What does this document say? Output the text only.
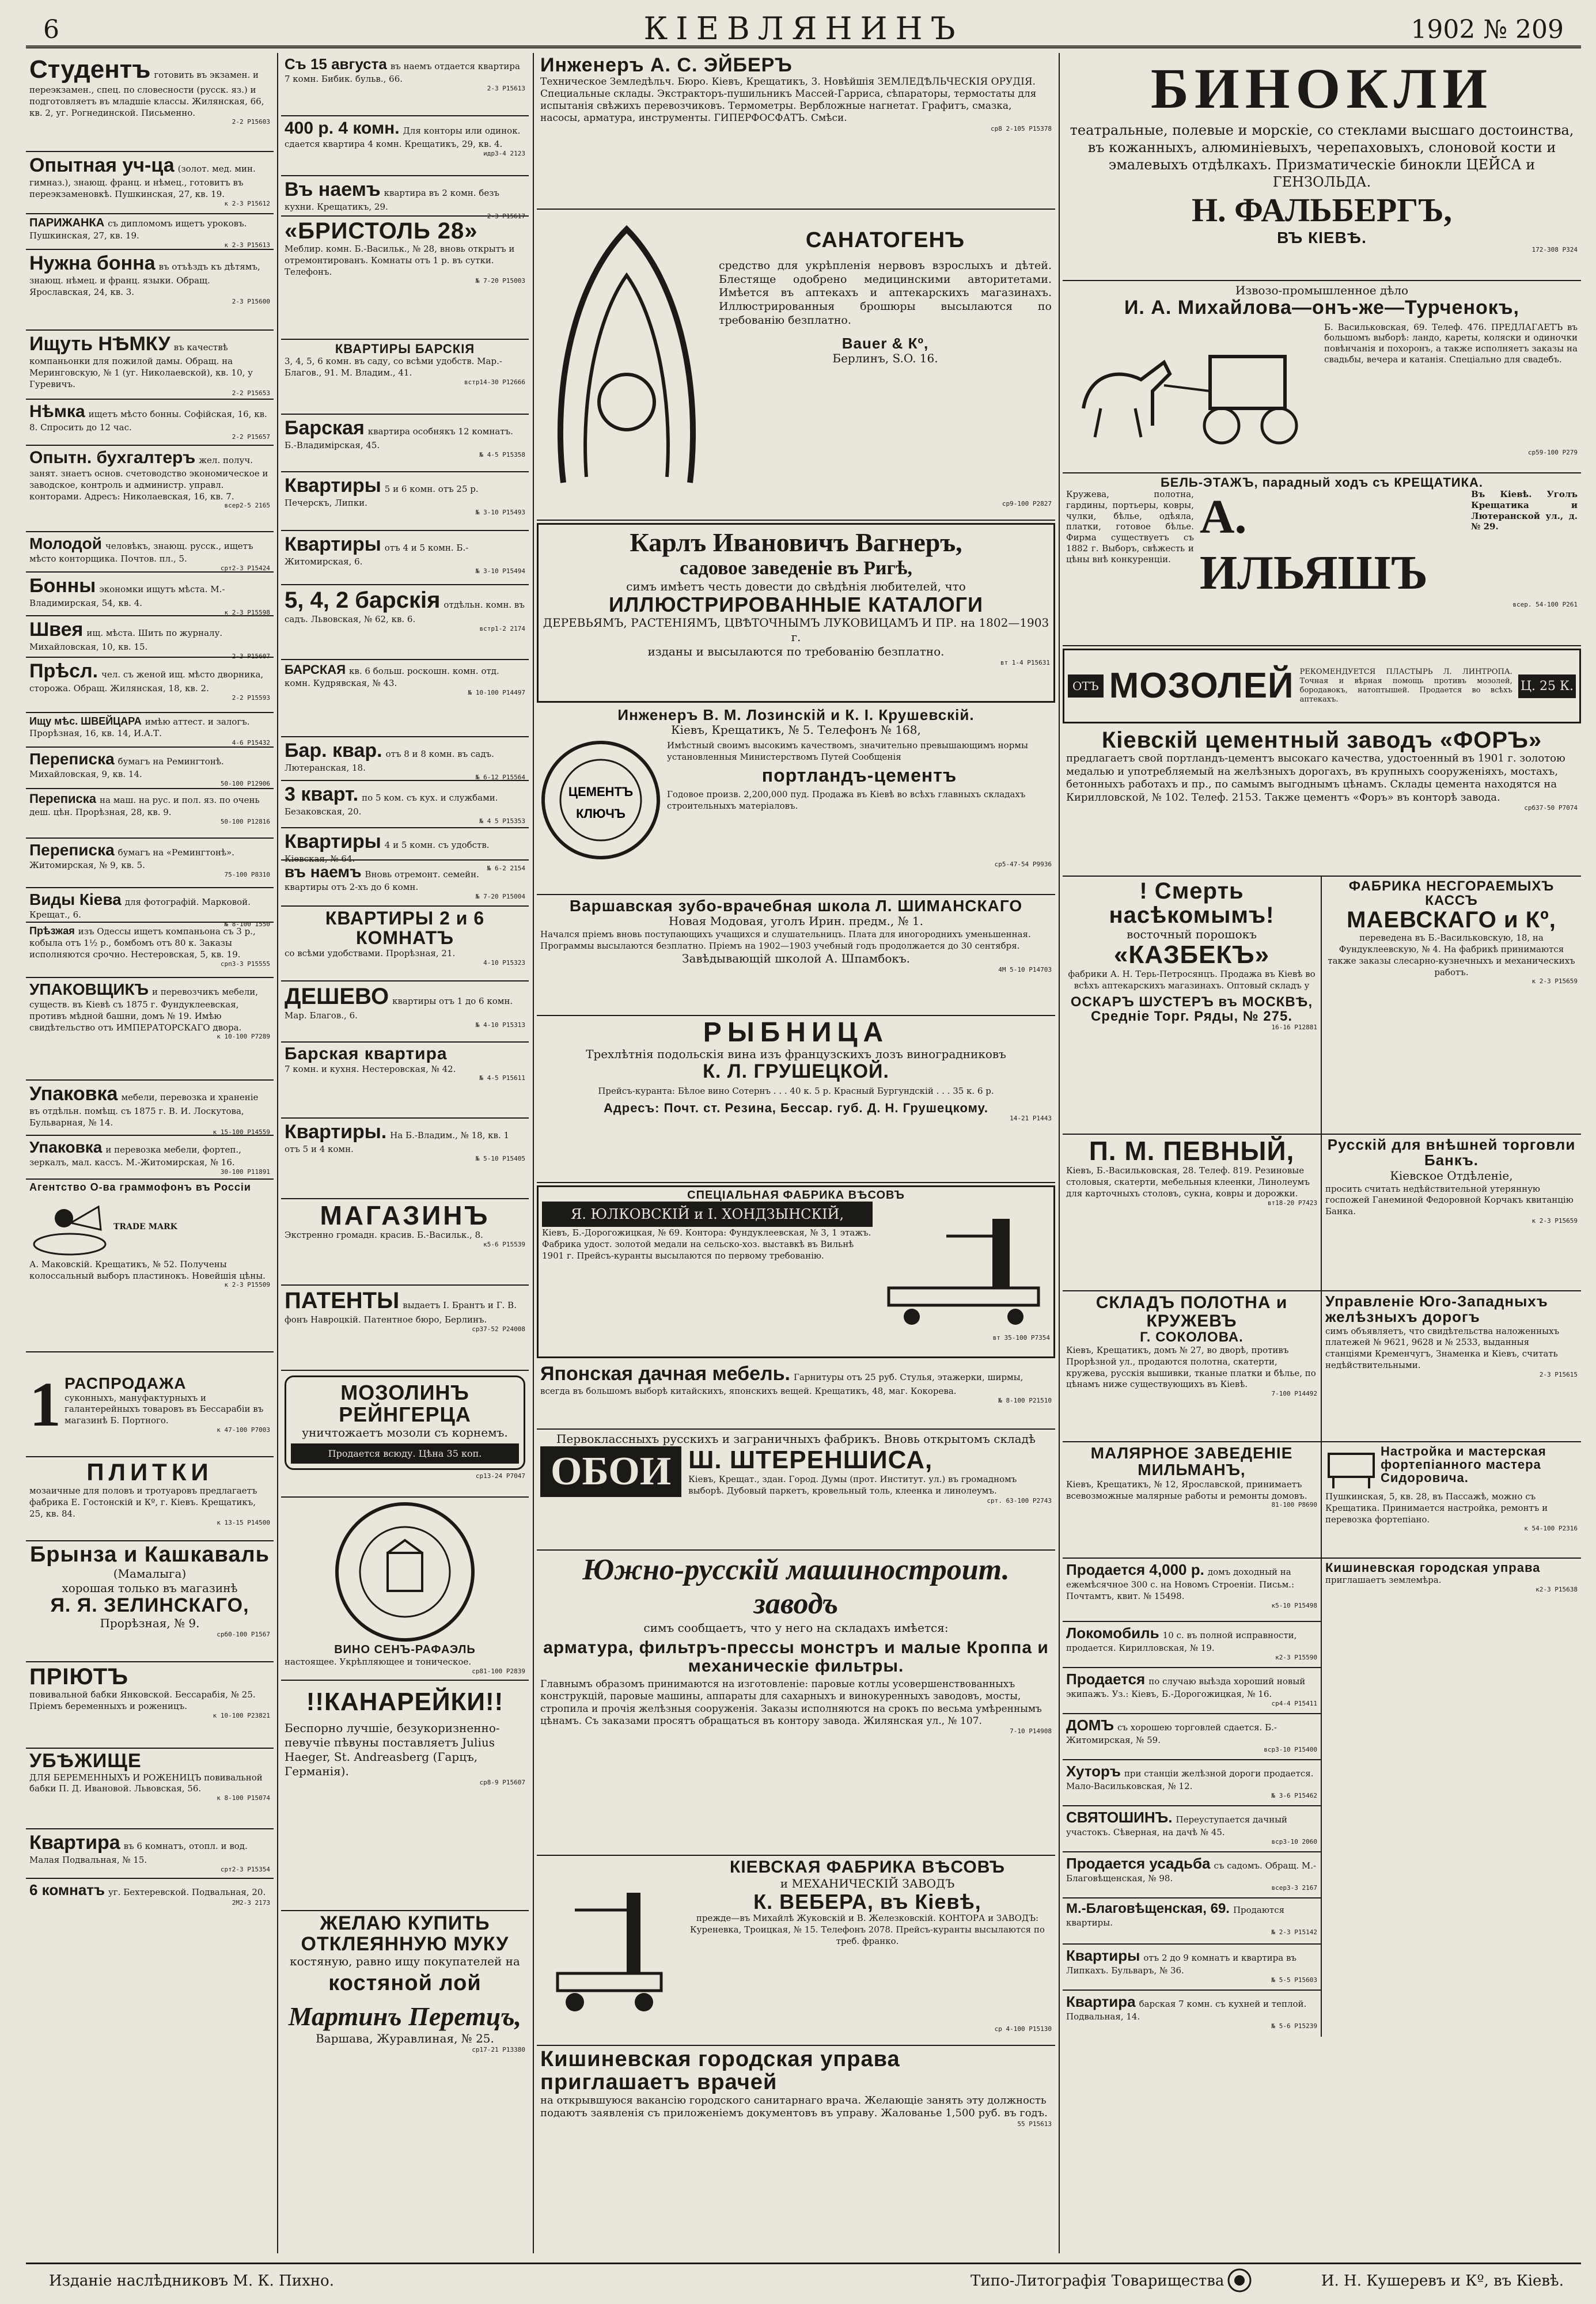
6	КІЕВЛЯНИНЪ	1902 № 209
Студентъ готовить въ экзамен. и переэкзамен., спец. по словесности (русск. яз.) и подготовляетъ въ младшіе классы. Жилянская, 66, кв. 2, уг. Рогнединской. Письменно.
2-2 Р15603
Опытная уч-ца (золот. мед. мин. гимназ.), знающ. франц. и нѣмец., готовитъ въ переэкзаменовкѣ. Пушкинская, 27, кв. 19.
к 2-3 Р15612
ПАРИЖАНКА съ дипломомъ ищетъ уроковъ. Пушкинская, 27, кв. 19.
к 2-3 Р15613
Нужна бонна въ отъѣздъ къ дѣтямъ, знающ. нѣмец. и франц. языки. Обращ. Ярославская, 24, кв. 3.
2-3 Р15600
Ищуть НѢМКУ въ качествѣ компаньонки для пожилой дамы. Обращ. на Меринговскую, № 1 (уг. Николаевской), кв. 10, у Гуревичъ.
2-2 Р15653
Нѣмка ищетъ мѣсто бонны. Софійская, 16, кв. 8. Спросить до 12 час.
2-2 Р15657
Опытн. бухгалтеръ жел. получ. занят. знаетъ основ. счетоводство экономическое и заводское, контроль и администр. управл. конторами. Адресъ: Николаевская, 16, кв. 7.
всер2-5 2165
Молодой человѣкъ, знающ. русск., ищетъ мѣсто конторщика. Почтов. пл., 5.
срт2-3 Р15424
Бонны экономки ищутъ мѣста. М.-Владимирская, 54, кв. 4.
к 2-3 Р15598
Швея ищ. мѣста. Шить по журналу. Михайловская, 10, кв. 15.
2-3 Р15607
Прѣсл. чел. съ женой ищ. мѣсто дворника, сторожа. Обращ. Жилянская, 18, кв. 2.
2-2 Р15593
Ищу мѣс. ШВЕЙЦАРА имѣю аттест. и залогъ. Прорѣзная, 16, кв. 14, И.А.Т.
4-6 Р15432
Переписка бумагъ на Ремингтонѣ. Михайловская, 9, кв. 14.
50-100 Р12906
Переписка на маш. на рус. и пол. яз. по очень деш. цѣн. Прорѣзная, 28, кв. 9.
50-100 Р12816
Переписка бумагъ на «Ремингтонѣ». Житомирская, № 9, кв. 5.
75-100 Р8310
Виды Кіева для фотографій. Марковой. Крещат., 6.
№ 8-100 1550
Прѣзжая изъ Одессы ищетъ компаньона съ 3 р., кобыла отъ 1½ р., бомбомъ отъ 80 к. Заказы исполняются срочно. Нестеровская, 5, кв. 19.
срп3-3 Р15555
УПАКОВЩИКЪ и перевозчикъ мебели, существ. въ Кіевѣ съ 1875 г. Фундуклеевская, противъ мѣдной башни, домъ № 19. Имѣю свидѣтельство отъ ИМПЕРАТОРСКАГО двора.
к 10-100 Р7289
Упаковка мебели, перевозка и храненіе въ отдѣльн. помѣщ. съ 1875 г. В. И. Лоскутова, Бульварная, № 14.
к 15-100 Р14559
Упаковка и перевозка мебели, фортеп., зеркалъ, мал. кассъ. М.-Житомирская, № 16.
30-100 Р11891
Агентство О-ва граммофонъ въ Россіи
TRADE MARK
А. Маковскій. Крещатикъ, № 52. Получены колоссальный выборъ пластинокъ. Новейшія цѣны.
к 2-3 Р15509
1 РАСПРОДАЖА
суконныхъ, мануфактурныхъ и галантерейныхъ товаровъ въ Бессарабіи въ магазинѣ Б. Портного.
к 47-100 Р7003
ПЛИТКИ
мозаичные для половъ и тротуаровъ предлагаетъ фабрика Е. Гостонскій и Кº, г. Кіевъ. Крещатикъ, 25, кв. 84.
к 13-15 Р14500
Брынза и Кашкаваль
(Мамалыга)
хорошая только въ магазинѣ
Я. Я. ЗЕЛИНСКАГО,
Прорѣзная, № 9.
срб0-100 Р1567
ПРІЮТЪ
повивальной бабки Янковской. Бессарабія, № 25. Пріемъ беременныхъ и роженицъ.
к 10-100 Р23821
УБѢЖИЩЕ
ДЛЯ БЕРЕМЕННЫХЪ И РОЖЕНИЦЪ повивальной бабки П. Д. Ивановой. Львовская, 56.
к 8-100 Р15074
Квартира въ 6 комнатъ, отопл. и вод. Малая Подвальная, № 15.
срт2-3 Р15354
6 комнатъ уг. Бехтеревской. Подвальная, 20.
2М2-3 2173
Съ 15 августа въ наемъ отдается квартира 7 комн. Бибик. бульв., 66.
2-3 Р15613
400 р. 4 комн. Для конторы или одинок. сдается квартира 4 комн. Крещатикъ, 29, кв. 4.
идр3-4 2123
Въ наемъ квартира въ 2 комн. безъ кухни. Крещатикъ, 29.
2-3 Р15617
«БРИСТОЛЬ 28»
Меблир. комн. Б.-Васильк., № 28, вновь открытъ и отремонтированъ. Комнаты отъ 1 р. въ сутки. Телефонъ.
№ 7-20 Р15003
КВАРТИРЫ БАРСКІЯ
3, 4, 5, 6 комн. въ саду, со всѣми удобств. Мар.-Благов., 91. М. Владим., 41.
встр14-30 Р12666
Барская квартира особнякъ 12 комнатъ. Б.-Владимірская, 45.
№ 4-5 Р15358
Квартиры 5 и 6 комн. отъ 25 р. Печерскъ, Липки.
№ 3-10 Р15493
Квартиры отъ 4 и 5 комн. Б.-Житомирская, 6.
№ 3-10 Р15494
5, 4, 2 барскія отдѣльн. комн. въ садъ. Львовская, № 62, кв. 6.
встр1-2 2174
БАРСКАЯ кв. 6 больш. роскошн. комн. отд. комн. Кудрявская, № 43.
№ 10-100 Р14497
Бар. квар. отъ 8 и 8 комн. въ садъ. Лютеранская, 18.
№ 6-12 Р15564
3 кварт. по 5 ком. съ кух. и службами. Безаковская, 20.
№ 4 5 Р15353
Квартиры 4 и 5 комн. съ удобств. Кіевская, № 64.
№ 6-2 2154
въ наемъ Вновь отремонт. семейн. квартиры отъ 2-хъ до 6 комн.
№ 7-20 Р15004
КВАРТИРЫ 2 и 6 КОМНАТЪ
со всѣми удобствами. Прорѣзная, 21.
4-10 Р15323
ДЕШЕВО квартиры отъ 1 до 6 комн. Мар. Благов., 6.
№ 4-10 Р15313
Барская квартира
7 комн. и кухня. Нестеровская, № 42.
№ 4-5 Р15611
Квартиры. На Б.-Владим., № 18, кв. 1 отъ 5 и 4 комн.
№ 5-10 Р15405
МАГАЗИНЪ
Экстренно громадн. красив. Б.-Васильк., 8.
к5-6 Р15539
ПАТЕНТЫ выдаетъ I. Брантъ и Г. В. фонъ Навроцкій. Патентное бюро, Берлинъ.
ср37-52 Р24008
МОЗОЛИНЪ РЕЙНГЕРЦА
уничтожаетъ мозоли съ корнемъ.
Продается всюду. Цѣна 35 коп.
ср13-24 Р7047
ВИНО СЕНЪ-РАФАЭЛЬ
настоящее. Укрѣпляющее и тоническое.
ср81-100 Р2839
!!КАНАРЕЙКИ!!
Беспорно лучшіе, безукоризненно-певучіе пѣвуны поставляетъ Julius Haeger, St. Andreasberg (Гарцъ, Германія).
ср8-9 Р15607
ЖЕЛАЮ КУПИТЬ ОТКЛЕЯННУЮ МУКУ
костяную, равно ищу покупателей на
костяной лой
Мартинъ Перетцъ,
Варшава, Журавлиная, № 25.
ср17-21 Р13380
Инженеръ А. С. ЭЙБЕРЪ
Техническое Земледѣльч. Бюро. Кіевъ, Крещатикъ, 3. Новѣйшія ЗЕМЛЕДѢЛЬЧЕСКІЯ ОРУДІЯ. Специальные склады. Экстракторъ-пушильникъ Массей-Гарриса, сѣпараторы, термостаты для испытанія свѣжихъ перевозчиковъ. Термометры. Вербложные нагнетат. Графитъ, смазка, насосы, арматура, инструменты. ГИПЕРФОСФАТЪ. Смѣси.
ср8 2-105 Р15378
САНАТОГЕНЪ
средство для укрѣпленія нервовъ взрослыхъ и дѣтей. Блестяще одобрено медицинскими авторитетами. Имѣется въ аптекахъ и аптекарскихъ магазинахъ. Иллюстрированныя брошюры высылаются по требованію безплатно.
Bauer & Кº,
Берлинъ, S.O. 16.
ср9-100 Р2827
Карлъ Ивановичъ Вагнеръ,
садовое заведеніе въ Ригѣ,
симъ имѣетъ честь довести до свѣдѣнія любителей, что
ИЛЛЮСТРИРОВАННЫЕ КАТАЛОГИ
ДЕРЕВЬЯМЪ, РАСТЕНІЯМЪ, ЦВѢТОЧНЫМЪ ЛУКОВИЦАМЪ И ПР. на 1802—1903 г.
изданы и высылаются по требованію безплатно.
вт 1-4 Р15631
Инженеръ В. М. Лозинскій и К. І. Крушевскій.
Кіевъ, Крещатикъ, № 5. Телефонъ № 168,
ЦЕМЕНТЪ
КЛЮЧЪ
Имѣстный своимъ высокимъ качествомъ, значительно превышающимъ нормы установленныя Министерствомъ Путей Сообщенія
портландъ-цементъ
Годовое произв. 2,200,000 пуд. Продажа въ Кіевѣ во всѣхъ главныхъ складахъ строительныхъ матеріаловъ.
ср5-47-54 Р9936
Варшавская зубо-врачебная школа Л. ШИМАНСКАГО
Новая Модовая, уголъ Ирин. предм., № 1.
Начался пріемъ вновь поступающихъ учащихся и слушательницъ. Плата для иногороднихъ уменьшенная. Программы высылаются безплатно. Пріемъ на 1902—1903 учебный годъ продолжается до 30 сентября.
Завѣдывающій школой А. Шпамбокъ.
4М 5-10 Р14703
РЫБНИЦА
Трехлѣтнія подольскія вина изъ французскихъ лозъ виноградниковъ
К. Л. ГРУШЕЦКОЙ.
Прейсъ-куранта: Бѣлое вино Сотернъ . . . 40 к. 5 р. Красный Бургундскій . . . 35 к. 6 р.
Адресъ: Почт. ст. Резина, Бессар. губ. Д. Н. Грушецкому.
14-21 Р1443
СПЕЦІАЛЬНАЯ ФАБРИКА ВѢСОВЪ
Я. ЮЛКОВСКІЙ и І. ХОНДЗЫНСКІЙ,
Кіевъ, Б.-Дорогожицкая, № 69. Контора: Фундуклеевская, № 3, 1 этажъ. Фабрика удост. золотой медали на сельско-хоз. выставкѣ въ Вильнѣ 1901 г. Прейсъ-куранты высылаются по первому требованію.
вт 35-100 Р7354
Японская дачная мебель. Гарнитуры отъ 25 руб. Стулья, этажерки, ширмы, всегда въ большомъ выборѣ китайскихъ, японскихъ вещей. Крещатикъ, 48, маг. Кокорева.
№ 8-100 Р21510
Первоклассныхъ русскихъ и заграничныхъ фабрикъ. Вновь открытомъ складѣ
ОБОИ Ш. ШТЕРЕНШИСА,
Кіевъ, Крещат., здан. Город. Думы (прот. Институт. ул.) въ громадномъ выборѣ. Дубовый паркетъ, кровельный толь, клеенка и линолеумъ.
срт. 63-100 Р2743
Южно-русскій машиностроит. заводъ
симъ сообщаетъ, что у него на складахъ имѣется:
арматура, фильтръ-прессы монстръ и малые Кроппа и механическіе фильтры.
Главнымъ образомъ принимаются на изготовленіе: паровые котлы усовершенствованныхъ конструкцій, паровые машины, аппараты для сахарныхъ и винокуренныхъ заводовъ, мосты, стропила и прочія желѣзныя сооруженія. Заказы исполняются на срокъ по весьма умѣреннымъ цѣнамъ. Съ заказами просятъ обращаться въ контору завода. Жилянская ул., № 107.
7-10 Р14908
КІЕВСКАЯ ФАБРИКА ВѢСОВЪ
и МЕХАНИЧЕСКІЙ ЗАВОДЪ
К. ВЕБЕРА, въ Кіевѣ,
прежде—въ Михайлѣ Жуковскій и В. Железковскій. КОНТОРА и ЗАВОДЪ: Куреневка, Троицкая, № 15. Телефонъ 2078. Прейсъ-куранты высылаются по треб. франко.
ср 4-100 Р15130
Кишиневская городская управа приглашаетъ врачей
на открывшуюся вакансію городского санитарнаго врача. Желающіе занять эту должность подаютъ заявленія съ приложеніемъ документовъ въ управу. Жалованье 1,500 руб. въ годъ.
55 Р15613
БИНОКЛИ
театральные, полевые и морскіе, со стеклами высшаго достоинства, въ кожанныхъ, алюминіевыхъ, черепаховыхъ, слоновой кости и эмалевыхъ отдѣлкахъ. Призматическіе бинокли ЦЕЙСА и ГЕНЗОЛЬДА.
Н. ФАЛЬБЕРГЪ,
ВЪ КІЕВѢ.
172-308 Р324
Извозо-промышленное дѣло
И. А. Михайлова—онъ-же—Турченокъ,
Б. Васильковская, 69. Телеф. 476. ПРЕДЛАГАЕТЪ въ большомъ выборѣ: ландо, кареты, коляски и одиночки повѣнчанія и похоронъ, а также исполняетъ заказы на свадьбы, вечера и катанія. Спеціально для свадебъ.
ср59-100 Р279
БЕЛЬ-ЭТАЖЪ, парадный ходъ съ КРЕЩАТИКА.
Кружева, полотна, гардины, портьеры, ковры, чулки, бѣлье, одѣяла, платки, готовое бѣлье. Фирма существуетъ съ 1882 г. Выборъ, свѣжесть и цѣны внѣ конкуренціи.
А. ИЛЬЯШЪ
Въ Кіевѣ. Уголъ Крещатика и Лютеранской ул., д. № 29.
всер. 54-100 Р261
ОТЪ МОЗОЛЕЙ РЕКОМЕНДУЕТСЯ ПЛАСТЫРЬ Л. ЛИНТРОПА. Точная и вѣрная помощь противъ мозолей, бородавокъ, натоптышей. Продается во всѣхъ аптекахъ.
Ц. 25 К.
Кіевскій цементный заводъ «ФОРЪ»
предлагаетъ свой портландъ-цементъ высокаго качества, удостоенный въ 1901 г. золотою медалью и употребляемый на желѣзныхъ дорогахъ, въ крупныхъ сооруженіяхъ, мостахъ, бетонныхъ работахъ и пр., по самымъ выгоднымъ цѣнамъ. Склады цемента находятся на Кирилловской, № 102. Телеф. 2153. Также цементъ «Форъ» въ конторѣ завода.
срб37-50 Р7074
! Смерть насѣкомымъ!
восточный порошокъ
«КАЗБЕКЪ»
фабрики А. Н. Терь-Петросянцъ. Продажа въ Кіевѣ во всѣхъ аптекарскихъ магазинахъ. Оптовый складъ у
ОСКАРЪ ШУСТЕРЪ въ МОСКВѢ, Средніе Торг. Ряды, № 275.
16-16 Р12881
ФАБРИКА НЕСГОРАЕМЫХЪ КАССЪ
МАЕВСКАГО и Кº,
переведена въ Б.-Васильковскую, 18, на Фундуклеевскую, № 4. На фабрикѣ принимаются также заказы слесарно-кузнечныхъ и механическихъ работъ.
к 2-3 Р15659
П. М. ПЕВНЫЙ,
Кіевъ, Б.-Васильковская, 28. Телеф. 819. Резиновые столовыя, скатерти, мебельныя клеенки, Линолеумъ для карточныхъ столовъ, сукна, ковры и дорожки.
вт18-20 Р7423
Русскій для внѣшней торговли Банкъ.
Кіевское Отдѣленіе,
просить считать недѣйствительной утерянную госпожей Ганеминой Федоровной Корчакъ квитанцію Банка.
к 2-3 Р15659
СКЛАДЪ ПОЛОТНА и КРУЖЕВЪ
Г. СОКОЛОВА.
Кіевъ, Крещатикъ, домъ № 27, во дворѣ, противъ Прорѣзной ул., продаются полотна, скатерти, кружева, русскія вышивки, тканые платки и бѣлье, по цѣнамъ ниже существующихъ въ Кіевѣ.
7-100 Р14492
Управленіе Юго-Западныхъ желѣзныхъ дорогъ
симъ объявляетъ, что свидѣтельства наложенныхъ платежей № 9621, 9628 и № 2533, выданныя станціями Кременчугъ, Знаменка и Кіевъ, считать недѣйствительными.
2-3 Р15615
МАЛЯРНОЕ ЗАВЕДЕНІЕ МИЛЬМАНЪ,
Кіевъ, Крещатикъ, № 12, Ярославской, принимаетъ всевозможные малярные работы и ремонты домовъ.
81-100 Р8690
Настройка и мастерская фортепіанного мастера Сидоровича.
Пушкинская, 5, кв. 28, въ Пассажѣ, можно съ Крещатика. Принимается настройка, ремонтъ и перевозка фортепіано.
к 54-100 Р2316
Продается 4,000 р. домъ доходный на ежемѣсячное 300 с. на Новомъ Строеніи. Письм.: Почтамтъ, квит. № 15498.
к5-10 Р15498
Локомобиль 10 с. въ полной исправности, продается. Кирилловская, № 19.
к2-3 Р15590
Продается по случаю выѣзда хороший новый экипажъ. Уз.: Кіевъ, Б.-Дорогожицкая, № 16.
ср4-4 Р15411
ДОМЪ съ хорошею торговлей сдается. Б.-Житомирская, № 59.
вср3-10 Р15400
Хуторъ при станціи желѣзной дороги продается. Мало-Васильковская, № 12.
№ 3-6 Р15462
СВЯТОШИНЪ. Переуступается дачный участокъ. Сѣверная, на дачѣ № 45.
вср3-10 2060
Продается усадьба съ садомъ. Обращ. М.-Благовѣщенская, № 98.
всер3-3 2167
М.-Благовѣщенская, 69. Продаются квартиры.
№ 2-3 Р15142
Квартиры отъ 2 до 9 комнатъ и квартира въ Липкахъ. Бульваръ, № 36.
№ 5-5 Р15603
Квартира барская 7 комн. съ кухней и теплой. Подвальная, 14.
№ 5-6 Р15239
Кишиневская городская управа
приглашаетъ землемѣра.
к2-3 Р15638
Изданіе наслѣдниковъ М. К. Пихно.	Типо-Литографія Товарищества	И. Н. Кушеревъ и Кº, въ Кіевѣ.
